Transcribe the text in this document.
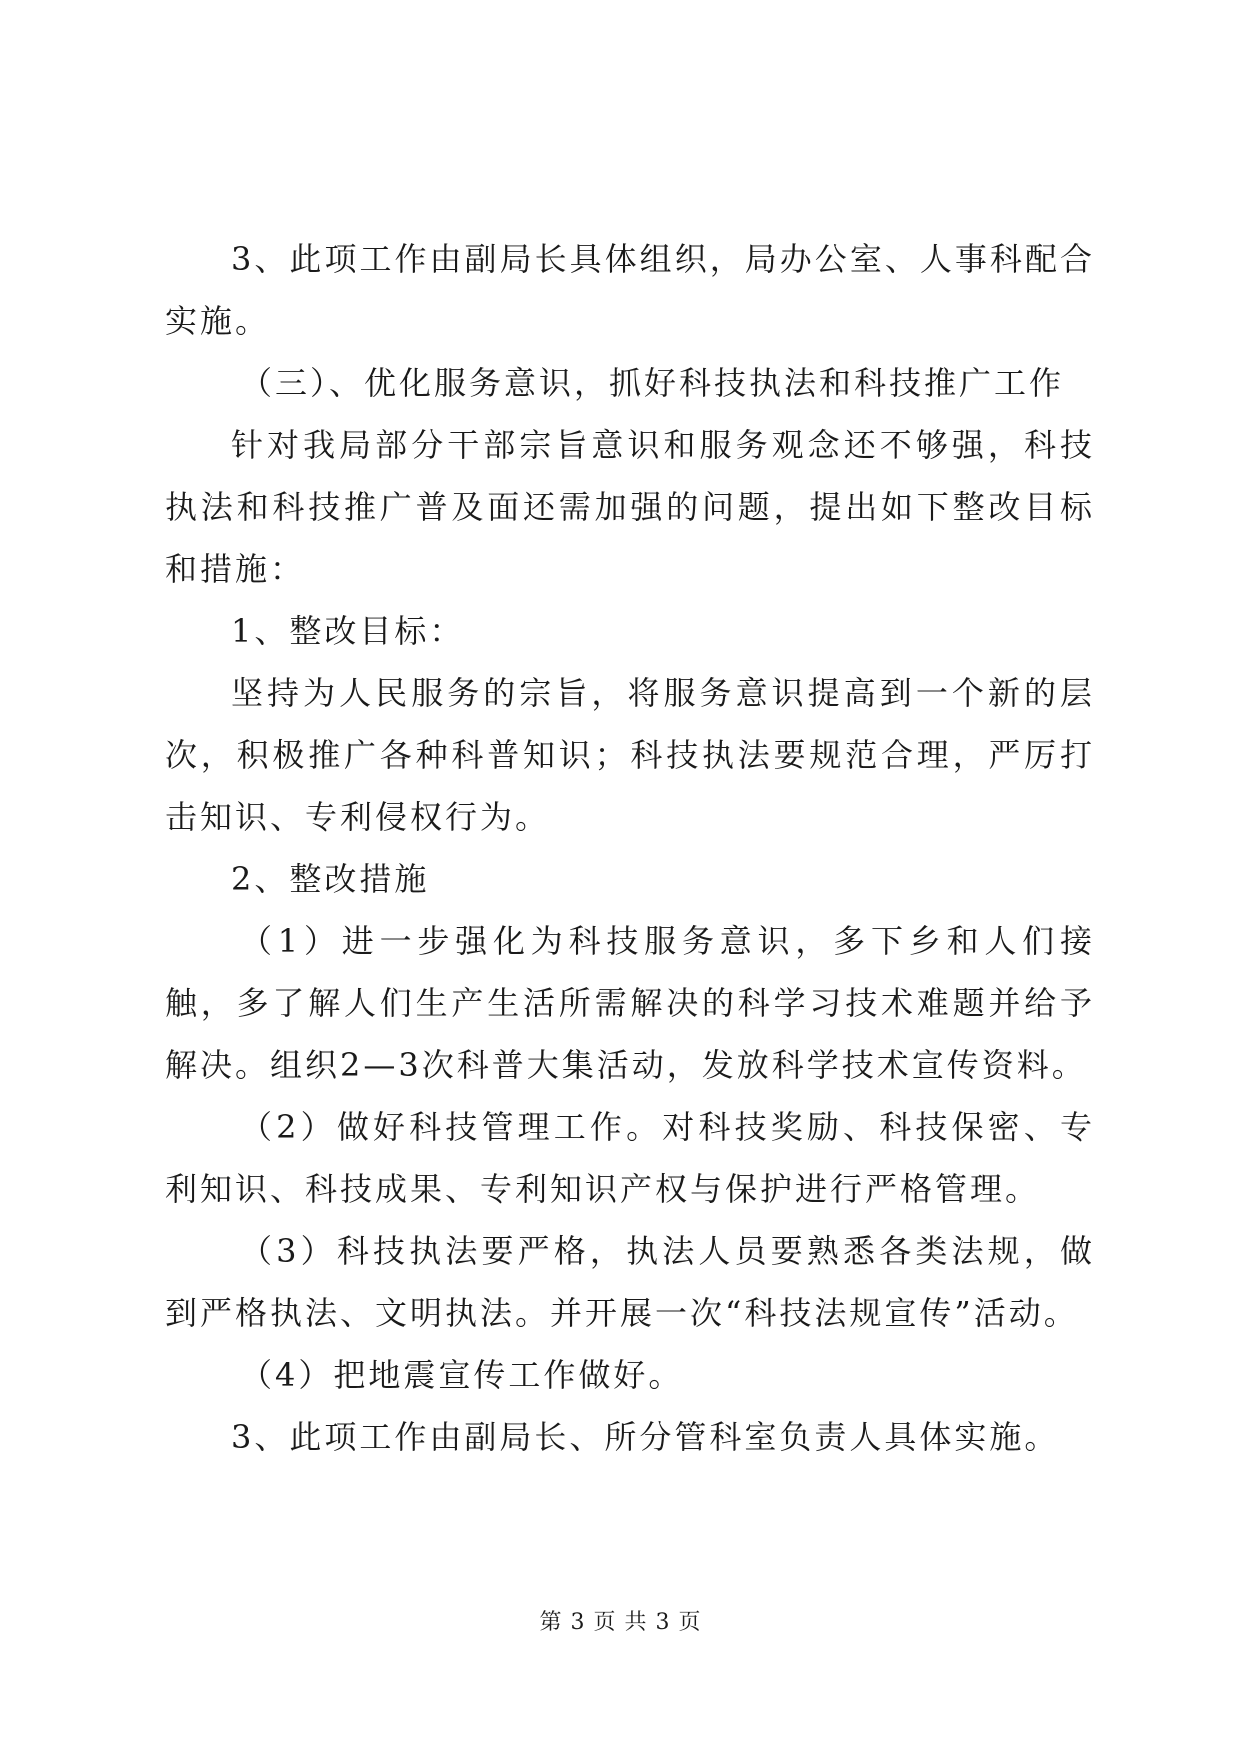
3、此项工作由副局长具体组织，局办公室、人事科配合实施。

（三）、优化服务意识，抓好科技执法和科技推广工作

针对我局部分干部宗旨意识和服务观念还不够强，科技执法和科技推广普及面还需加强的问题，提出如下整改目标和措施：

1、整改目标：

坚持为人民服务的宗旨，将服务意识提高到一个新的层次，积极推广各种科普知识；科技执法要规范合理，严厉打击知识、专利侵权行为。

2、整改措施

（1）进一步强化为科技服务意识，多下乡和人们接触，多了解人们生产生活所需解决的科学习技术难题并给予解决。组织2—3次科普大集活动，发放科学技术宣传资料。

（2）做好科技管理工作。对科技奖励、科技保密、专利知识、科技成果、专利知识产权与保护进行严格管理。

（3）科技执法要严格，执法人员要熟悉各类法规，做到严格执法、文明执法。并开展一次“科技法规宣传”活动。

（4）把地震宣传工作做好。

3、此项工作由副局长、所分管科室负责人具体实施。

第 3 页 共 3 页
